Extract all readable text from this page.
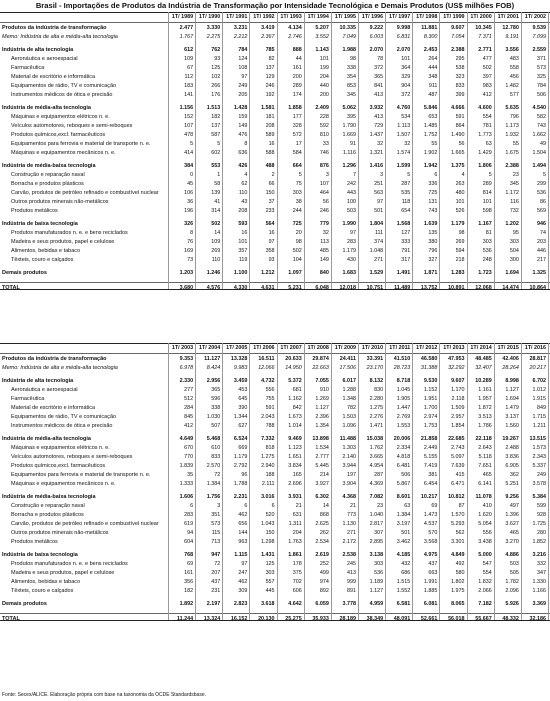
Brasil - Importações de Produtos da Indústria de Transformação por Intensidade Tecnológica e Demais Produtos (US$ milhões FOB)
1T/ 1989	1T/ 1990	1T/ 1991	1T/ 1992	1T/ 1993	1T/ 1994	1T/ 1995	1T/ 1996	1T/ 1997	1T/ 1998	1T/ 1999	1T/ 2000	1T/ 2001	1T/ 2002
Produtos da indústria de transformação	2.477	3.330	3.231	3.419	4.134	5.207	10.335	9.222	9.998	11.881	9.607	10.345	12.780	9.539
Memo: Indústria de alta e média-alta tecnologia	1.767	2.275	2.212	2.367	2.746	3.552	7.049	6.003	6.831	8.300	7.054	7.371	9.191	7.099
Indústria de alta tecnologia	612	762	784	785	888	1.143	1.988	2.070	2.070	2.453	2.388	2.771	3.556	2.559
Aeronáutica e aeroespacial	109	93	124	82	44	101	98	78	101	264	295	477	483	371
Farmacêutica	67	125	108	137	161	199	338	372	364	444	538	502	558	573
Material de escritório e informática	112	102	97	129	200	204	354	365	329	348	323	397	456	325
Equipamentos de rádio, TV e comunicação	183	266	249	246	289	440	853	841	904	911	833	983	1.482	784
Instrumentos médicos de ótica e precisão	141	176	205	192	174	200	345	413	372	487	399	412	577	506
Indústria de média-alta tecnologia	1.156	1.513	1.428	1.581	1.858	2.409	5.062	3.932	4.760	5.846	4.666	4.600	5.635	4.540
Máquinas e equipamentos elétricos n. e.	152	182	159	181	177	228	395	413	534	653	591	554	796	582
Veículos automotores, reboques e semi-reboques	107	137	149	208	328	592	1.790	729	1.113	1.485	864	781	1.173	743
Produtos químicos,excl. farmacêuticos	478	587	476	589	572	810	1.669	1.437	1.507	1.752	1.490	1.773	1.932	1.662
Equipamentos para ferrovia e material de transporte n. e.	5	5	8	16	17	33	91	32	32	55	56	63	55	49
Máquinas e equipamentos mecânicos n. e.	414	602	636	588	584	746	1.116	1.321	1.574	1.902	1.665	1.429	1.675	1.504
Indústria de média-baixa tecnologia	384	553	426	488	664	876	1.296	1.416	1.599	1.942	1.375	1.806	2.388	1.494
Construção e reparação naval	0	1	4	2	5	3	7	3	5	6	4	5	23	5
Borracha e produtos plásticos	45	58	62	66	75	107	242	251	287	336	263	289	345	299
Carvão, produtos de petróleo refinado e combustível nuclear	106	139	110	150	303	464	443	563	535	725	480	814	1.172	536
Outros produtos minerais não-metálicos	36	41	43	37	38	56	100	97	118	131	101	101	116	86
Produtos metálicos	196	314	208	233	244	246	503	501	654	743	526	598	732	569
Indústria de baixa tecnologia	326	502	593	564	725	779	1.990	1.804	1.568	1.639	1.179	1.167	1.202	946
Produtos manufaturados n. e. e bens reciclados	8	14	16	16	20	32	97	111	127	135	98	81	95	74
Madeira e seus produtos, papel e celulose	76	109	101	97	98	113	283	374	333	380	269	303	303	203
Alimentos, bebidas e tabaco	169	269	357	358	502	485	1.179	1.048	791	796	594	536	504	446
Têxteis, couro e calçados	73	110	119	93	104	149	430	271	317	327	218	248	300	217
Demais produtos	1.203	1.246	1.100	1.212	1.097	840	1.683	1.529	1.491	1.871	1.283	1.723	1.694	1.325
TOTAL	3.680	4.576	4.330	4.631	5.231	6.048	12.018	10.751	11.489	13.752	10.891	12.068	14.474	10.864
1T/ 2003	1T/ 2004	1T/ 2005	1T/ 2006	1T/ 2007	1T/ 2008	1T/ 2009	1T/ 2010	1T/ 2011	1T/ 2012	1T/ 2013	1T/ 2014	1T/ 2015	1T/ 2016
Produtos da indústria de transformação	9.353	11.127	13.328	16.511	20.633	29.874	24.411	33.391	41.510	46.580	47.953	48.485	42.406	28.817
Memo: Indústria de alta e média-alta tecnologia	6.978	8.424	9.983	12.066	14.950	22.663	17.506	23.170	28.723	31.388	32.292	32.407	28.264	20.217
Indústria de alta tecnologia	2.330	2.956	3.459	4.732	5.372	7.055	6.017	8.132	8.718	9.530	9.607	10.289	8.998	6.702
Aeronáutica e aeroespacial	277	365	453	556	681	910	1.288	830	1.045	1.152	1.170	1.161	1.127	1.012
Farmacêutica	512	596	645	755	1.162	1.269	1.348	2.280	1.905	1.951	2.118	1.957	1.694	1.915
Material de escritório e informática	284	338	390	591	842	1.127	782	1.275	1.447	1.700	1.509	1.872	1.479	849
Equipamentos de rádio, TV e comunicação	845	1.030	1.344	2.043	1.673	2.396	1.503	2.276	2.769	2.974	2.957	3.513	3.137	1.715
Instrumentos médicos de ótica e precisão	412	507	627	788	1.014	1.354	1.096	1.471	1.553	1.753	1.854	1.786	1.560	1.211
Indústria de média-alta tecnologia	4.649	5.468	6.524	7.332	9.469	13.898	11.488	15.038	20.006	21.858	22.685	22.118	19.267	13.515
Máquinas e equipamentos elétricos n. e.	670	610	669	818	1.123	1.534	1.303	1.762	2.334	2.449	2.743	2.643	2.488	1.573
Veículos automotores, reboques e semi-reboques	770	833	1.179	1.275	1.651	2.777	2.140	3.665	4.818	5.155	5.097	5.118	3.836	2.343
Produtos químicos,excl. farmacêuticos	1.839	2.570	2.792	2.940	3.834	5.445	3.944	4.954	6.481	7.419	7.639	7.651	6.905	5.337
Equipamentos para ferrovia e material de transporte n. e.	35	72	96	188	165	214	197	287	506	381	415	465	362	249
Máquinas e equipamentos mecânicos n. e.	1.333	1.384	1.788	2.111	2.696	3.927	3.904	4.369	5.867	6.454	6.471	6.141	5.251	3.578
Indústria de média-baixa tecnologia	1.606	1.756	2.231	3.016	3.931	6.302	4.368	7.082	8.601	10.217	10.812	11.078	9.256	5.384
Construção e reparação naval	6	3	6	6	21	14	21	23	63	69	87	410	497	599
Borracha e produtos plásticos	283	351	462	520	631	868	773	1.040	1.384	1.473	1.570	1.620	1.396	928
Carvão, produtos de petróleo refinado e combustível nuclear	619	573	656	1.043	1.311	2.625	1.130	2.817	3.197	4.537	5.293	5.054	3.627	1.725
Outros produtos minerais não-metálicos	94	115	144	150	204	262	271	307	501	570	562	556	465	280
Produtos metálicos	604	713	963	1.298	1.763	2.534	2.172	2.895	3.462	3.568	3.301	3.438	3.270	1.852
Indústria de baixa tecnologia	768	947	1.115	1.431	1.861	2.619	2.538	3.138	4.185	4.975	4.849	5.000	4.886	3.216
Produtos manufaturados n. e. e bens reciclados	69	72	97	125	178	252	245	303	432	437	492	547	503	332
Madeira e seus produtos, papel e celulose	161	207	247	303	375	499	413	536	686	663	580	554	505	347
Alimentos, bebidas e tabaco	356	437	462	557	702	974	999	1.189	1.515	1.991	1.802	1.832	1.782	1.330
Têxteis, couro e calçados	182	231	309	445	606	892	891	1.127	1.552	1.885	1.975	2.066	2.096	1.166
Demais produtos	1.892	2.197	2.823	3.618	4.642	6.059	3.778	4.959	6.581	6.081	8.065	7.182	5.926	3.369
TOTAL	11.244	13.324	16.152	20.130	25.275	35.933	28.189	38.349	48.091	52.661	56.018	55.667	48.332	32.186
Fonte: Secex/ALICE. Elaboração própria com base na taxonomia da OCDE Standardsbase.
